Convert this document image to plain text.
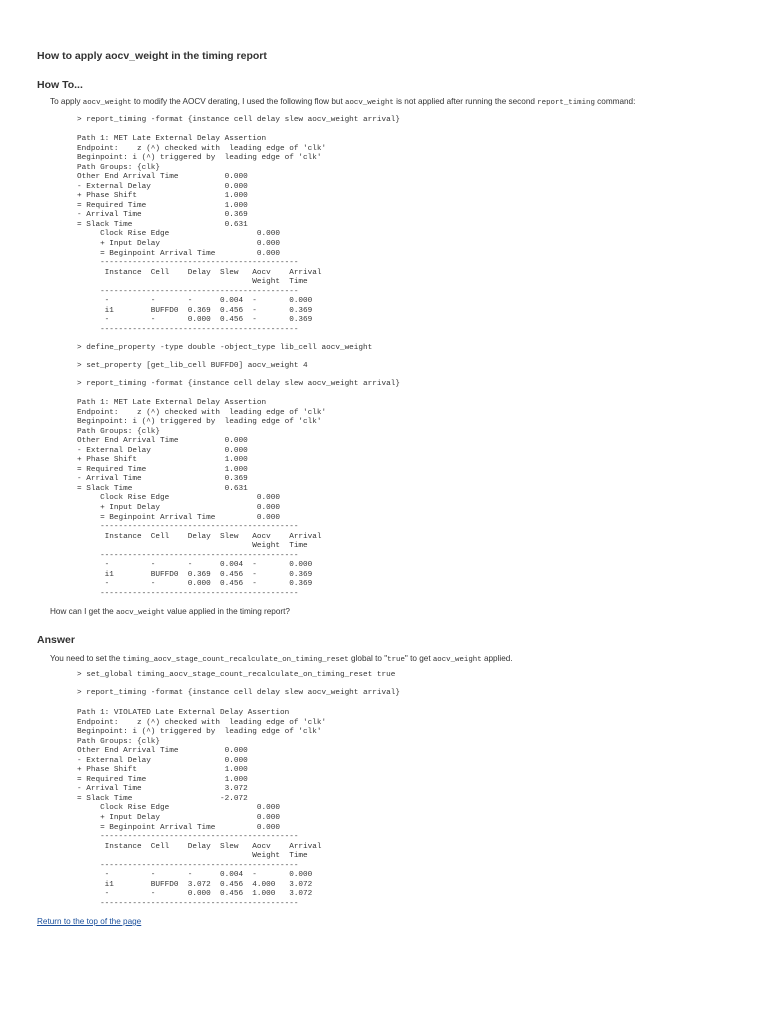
How to apply aocv_weight in the timing report
How To...
To apply aocv_weight to modify the AOCV derating, I used the following flow but aocv_weight is not applied after running the second report_timing command:
> report_timing -format {instance cell delay slew aocv_weight arrival}
Path 1: MET Late External Delay Assertion
Endpoint:    z (^) checked with  leading edge of 'clk'
Beginpoint: i (^) triggered by  leading edge of 'clk'
Path Groups: {clk}
Other End Arrival Time          0.000
- External Delay                0.000
+ Phase Shift                   1.000
= Required Time                 1.000
- Arrival Time                  0.369
= Slack Time                    0.631
Clock Rise Edge                   0.000
+ Input Delay                     0.000
= Beginpoint Arrival Time         0.000
-------------------------------------------
Instance  Cell    Delay  Slew   Aocv    Arrival
Weight  Time
-------------------------------------------
-         -       -      0.004  -       0.000
i1        BUFFD0  0.369  0.456  -       0.369
-         -       0.000  0.456  -       0.369
-------------------------------------------
> define_property -type double -object_type lib_cell aocv_weight
> set_property [get_lib_cell BUFFD0] aocv_weight 4
> report_timing -format {instance cell delay slew aocv_weight arrival}
Path 1: MET Late External Delay Assertion
Endpoint:    z (^) checked with  leading edge of 'clk'
Beginpoint: i (^) triggered by  leading edge of 'clk'
Path Groups: {clk}
Other End Arrival Time          0.000
- External Delay                0.000
+ Phase Shift                   1.000
= Required Time                 1.000
- Arrival Time                  0.369
= Slack Time                    0.631
Clock Rise Edge                   0.000
+ Input Delay                     0.000
= Beginpoint Arrival Time         0.000
-------------------------------------------
Instance  Cell    Delay  Slew   Aocv    Arrival
Weight  Time
-------------------------------------------
-         -       -      0.004  -       0.000
i1        BUFFD0  0.369  0.456  -       0.369
-         -       0.000  0.456  -       0.369
-------------------------------------------
How can I get the aocv_weight value applied in the timing report?
Answer
You need to set the timing_aocv_stage_count_recalculate_on_timing_reset global to "true" to get aocv_weight applied.
> set_global timing_aocv_stage_count_recalculate_on_timing_reset true
> report_timing -format {instance cell delay slew aocv_weight arrival}
Path 1: VIOLATED Late External Delay Assertion
Endpoint:    z (^) checked with  leading edge of 'clk'
Beginpoint: i (^) triggered by  leading edge of 'clk'
Path Groups: {clk}
Other End Arrival Time          0.000
- External Delay                0.000
+ Phase Shift                   1.000
= Required Time                 1.000
- Arrival Time                  3.072
= Slack Time                   -2.072
Clock Rise Edge                   0.000
+ Input Delay                     0.000
= Beginpoint Arrival Time         0.000
-------------------------------------------
Instance  Cell    Delay  Slew   Aocv    Arrival
Weight  Time
-------------------------------------------
-         -       -      0.004  -       0.000
i1        BUFFD0  3.072  0.456  4.000   3.072
-         -       0.000  0.456  1.000   3.072
-------------------------------------------
Return to the top of the page
